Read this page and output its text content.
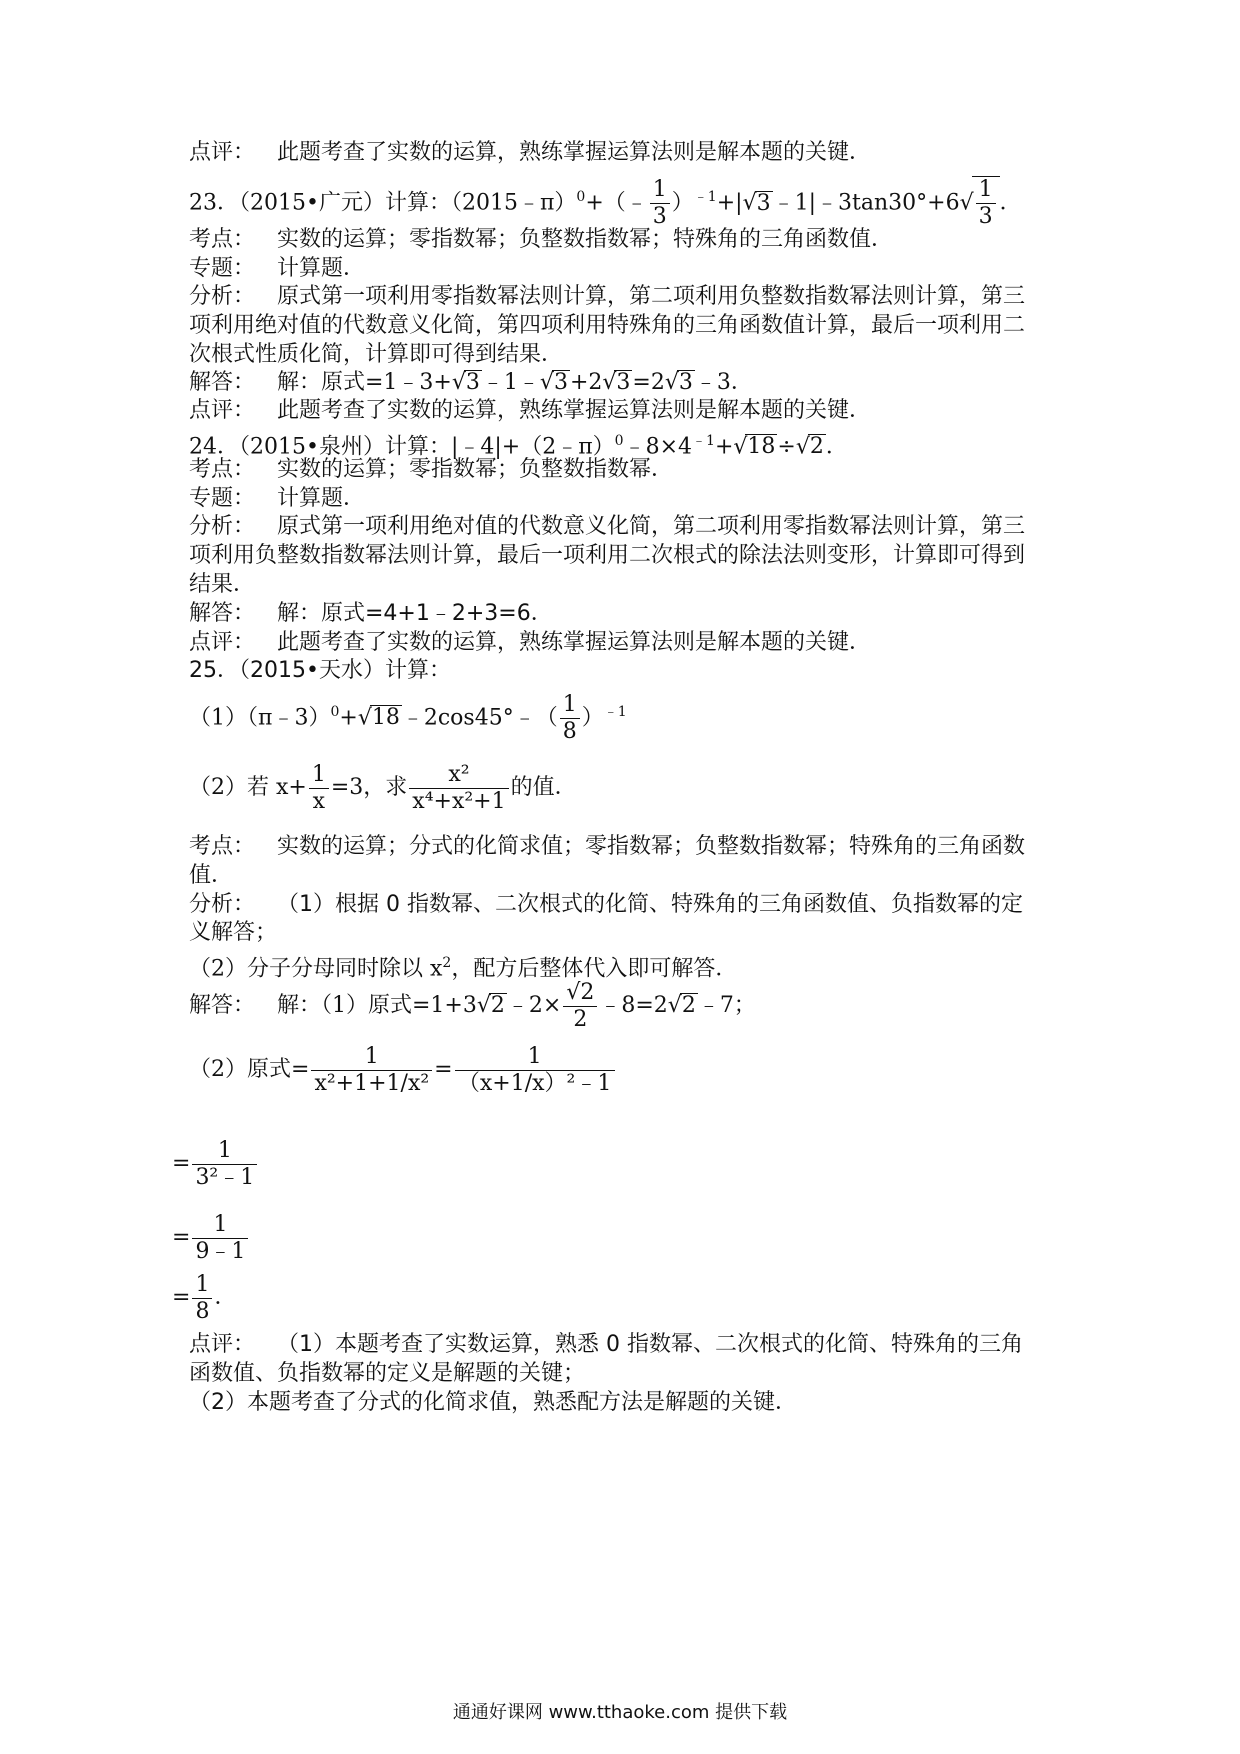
点评： 此题考查了实数的运算，熟练掌握运算法则是解本题的关键．
23．（2015•广元）计算：（2015﹣π）$^0$+（﹣ $\frac{1}{3}$ ）$^{﹣1}$+|√3﹣1|﹣3tan30°+6√ $\frac{1}{3}$ ．
考点： 实数的运算；零指数幂；负整数指数幂；特殊角的三角函数值．
专题： 计算题．
分析： 原式第一项利用零指数幂法则计算，第二项利用负整数指数幂法则计算，第三
项利用绝对值的代数意义化简，第四项利用特殊角的三角函数值计算，最后一项利用二
次根式性质化简，计算即可得到结果．
解答： 解：原式=1﹣3+√3﹣1﹣√3+2√3=2√3﹣3．
点评： 此题考查了实数的运算，熟练掌握运算法则是解本题的关键．
24．（2015•泉州）计算：$|﹣4|+(2﹣\pi)^0﹣8\times 4^{﹣1}+√18\div√2$．
考点： 实数的运算；零指数幂；负整数指数幂．
专题： 计算题．
分析： 原式第一项利用绝对值的代数意义化简，第二项利用零指数幂法则计算，第三
项利用负整数指数幂法则计算，最后一项利用二次根式的除法法则变形，计算即可得到
结果．
解答： 解：原式=4+1﹣2+3=6．
点评： 此题考查了实数的运算，熟练掌握运算法则是解本题的关键．
25．（2015•天水）计算：
（1）（π﹣3）$^0$+√18﹣2cos45°﹣（ $\frac{1}{8} )^{﹣1}$
（2）若 $x+ \frac{1}{x} =3$，求 $\frac{\text{x²}}{\text{x⁴+x²+1}}$ 的值．
考点： 实数的运算；分式的化简求值；零指数幂；负整数指数幂；特殊角的三角函数
值．
分析： （1）根据 0 指数幂、二次根式的化简、特殊角的三角函数值、负指数幂的定
义解答；
（2）分子分母同时除以 $x^2$，配方后整体代入即可解答．
解答： 解：（1）原式=1+3√2﹣2× $\frac{√2}{2}$ ﹣8=2√2﹣7；
（2）原式= $\frac{1}{\text{x²+1+1/x²}} = \frac{1}{\text{（x+1/x）²﹣1}}$
= $\frac{1}{\text{3²﹣1}}$
= $\frac{1}{9﹣1}$
= $\frac{1}{8}$ ．
点评： （1）本题考查了实数运算，熟悉 0 指数幂、二次根式的化简、特殊角的三角
函数值、负指数幂的定义是解题的关键；
（2）本题考查了分式的化简求值，熟悉配方法是解题的关键．
通通好课网 www.tthaoke.com 提供下载
